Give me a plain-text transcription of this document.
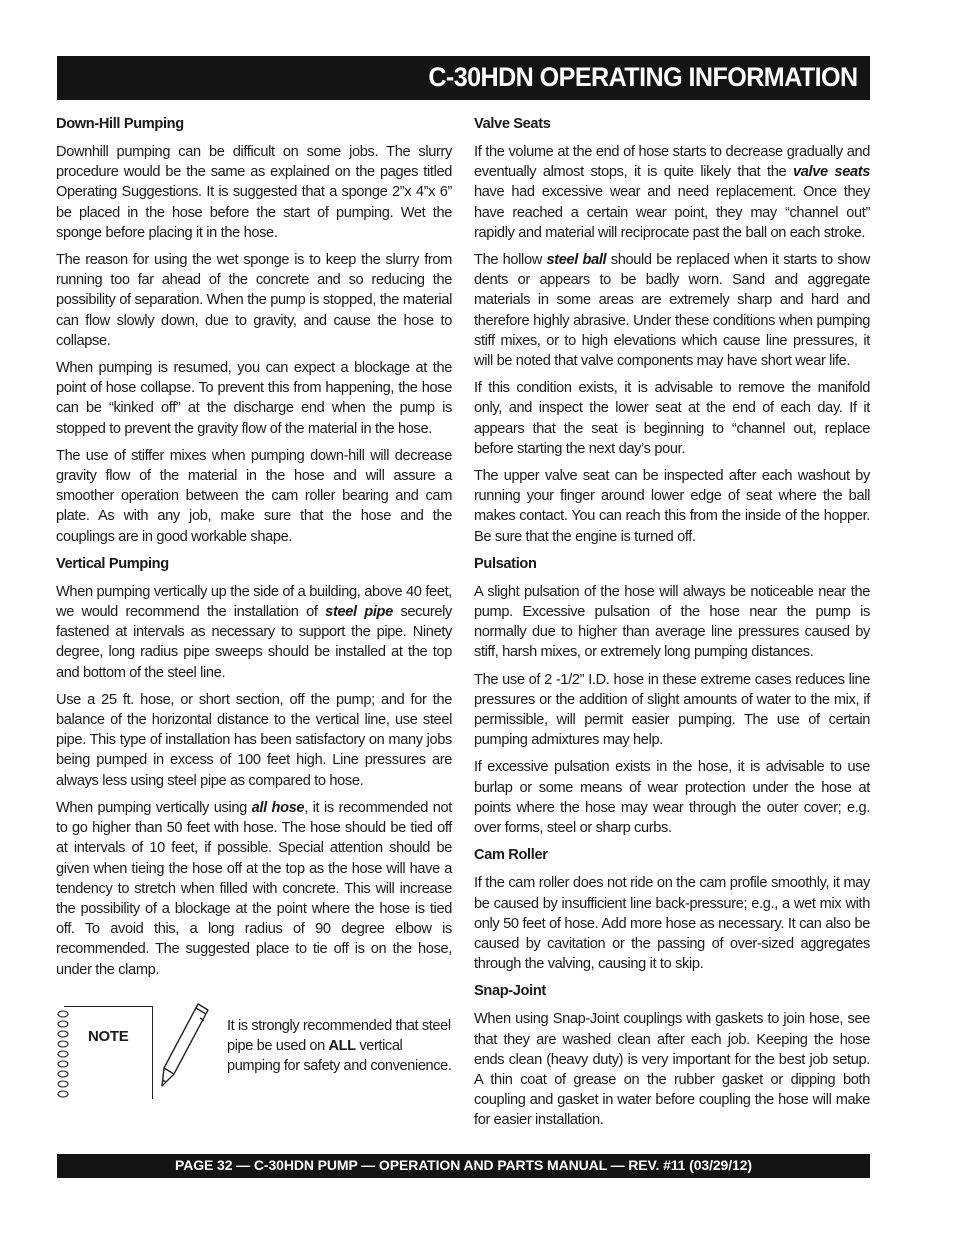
C-30HDN OPERATING INFORMATION
Down-Hill Pumping

Downhill pumping can be difficult on some jobs. The slurry procedure would be the same as explained on the pages titled Operating Suggestions. It is suggested that a sponge 2”x 4”x 6” be placed in the hose before the start of pumping. Wet the sponge before placing it in the hose.

The reason for using the wet sponge is to keep the slurry from running too far ahead of the concrete and so reducing the possibility of separation. When the pump is stopped, the material can flow slowly down, due to gravity, and cause the hose to collapse.

When pumping is resumed, you can expect a blockage at the point of hose collapse. To prevent this from happening, the hose can be “kinked off” at the discharge end when the pump is stopped to prevent the gravity flow of the material in the hose.

The use of stiffer mixes when pumping down-hill will decrease gravity flow of the material in the hose and will assure a smoother operation between the cam roller bearing and cam plate. As with any job, make sure that the hose and the couplings are in good workable shape.

Vertical Pumping

When pumping vertically up the side of a building, above 40 feet, we would recommend the installation of steel pipe securely fastened at intervals as necessary to support the pipe. Ninety degree, long radius pipe sweeps should be installed at the top and bottom of the steel line.

Use a 25 ft. hose, or short section, off the pump; and for the balance of the horizontal distance to the vertical line, use steel pipe. This type of installation has been satisfactory on many jobs being pumped in excess of 100 feet high. Line pressures are always less using steel pipe as compared to hose.

When pumping vertically using all hose, it is recommended not to go higher than 50 feet with hose. The hose should be tied off at intervals of 10 feet, if possible. Special attention should be given when tieing the hose off at the top as the hose will have a tendency to stretch when filled with concrete. This will increase the possibility of a blockage at the point where the hose is tied off. To avoid this, a long radius of 90 degree elbow is recommended. The suggested place to tie off is on the hose, under the clamp.

NOTE
It is strongly recommended that steel pipe be used on ALL vertical pumping for safety and convenience.
Valve Seats

If the volume at the end of hose starts to decrease gradually and eventually almost stops, it is quite likely that the valve seats have had excessive wear and need replacement. Once they have reached a certain wear point, they may “channel out” rapidly and material will reciprocate past the ball on each stroke.

The hollow steel ball should be replaced when it starts to show dents or appears to be badly worn. Sand and aggregate materials in some areas are extremely sharp and hard and therefore highly abrasive. Under these conditions when pumping stiff mixes, or to high elevations which cause line pressures, it will be noted that valve components may have short wear life.

If this condition exists, it is advisable to remove the manifold only, and inspect the lower seat at the end of each day. If it appears that the seat is beginning to “channel out, replace before starting the next day’s pour.

The upper valve seat can be inspected after each washout by running your finger around lower edge of seat where the ball makes contact. You can reach this from the inside of the hopper. Be sure that the engine is turned off.

Pulsation

A slight pulsation of the hose will always be noticeable near the pump. Excessive pulsation of the hose near the pump is normally due to higher than average line pressures caused by stiff, harsh mixes, or extremely long pumping distances.

The use of 2 -1/2” I.D. hose in these extreme cases reduces line pressures or the addition of slight amounts of water to the mix, if permissible, will permit easier pumping. The use of certain pumping admixtures may help.

If excessive pulsation exists in the hose, it is advisable to use burlap or some means of wear protection under the hose at points where the hose may wear through the outer cover; e.g. over forms, steel or sharp curbs.

Cam Roller

If the cam roller does not ride on the cam profile smoothly, it may be caused by insufficient line back-pressure; e.g., a wet mix with only 50 feet of hose. Add more hose as necessary. It can also be caused by cavitation or the passing of over-sized aggregates through the valving, causing it to skip.

Snap-Joint

When using Snap-Joint couplings with gaskets to join hose, see that they are washed clean after each job. Keeping the hose ends clean (heavy duty) is very important for the best job setup. A thin coat of grease on the rubber gasket or dipping both coupling and gasket in water before coupling the hose will make for easier installation.

PAGE 32 — C-30HDN PUMP — OPERATION AND PARTS MANUAL — REV. #11 (03/29/12)
